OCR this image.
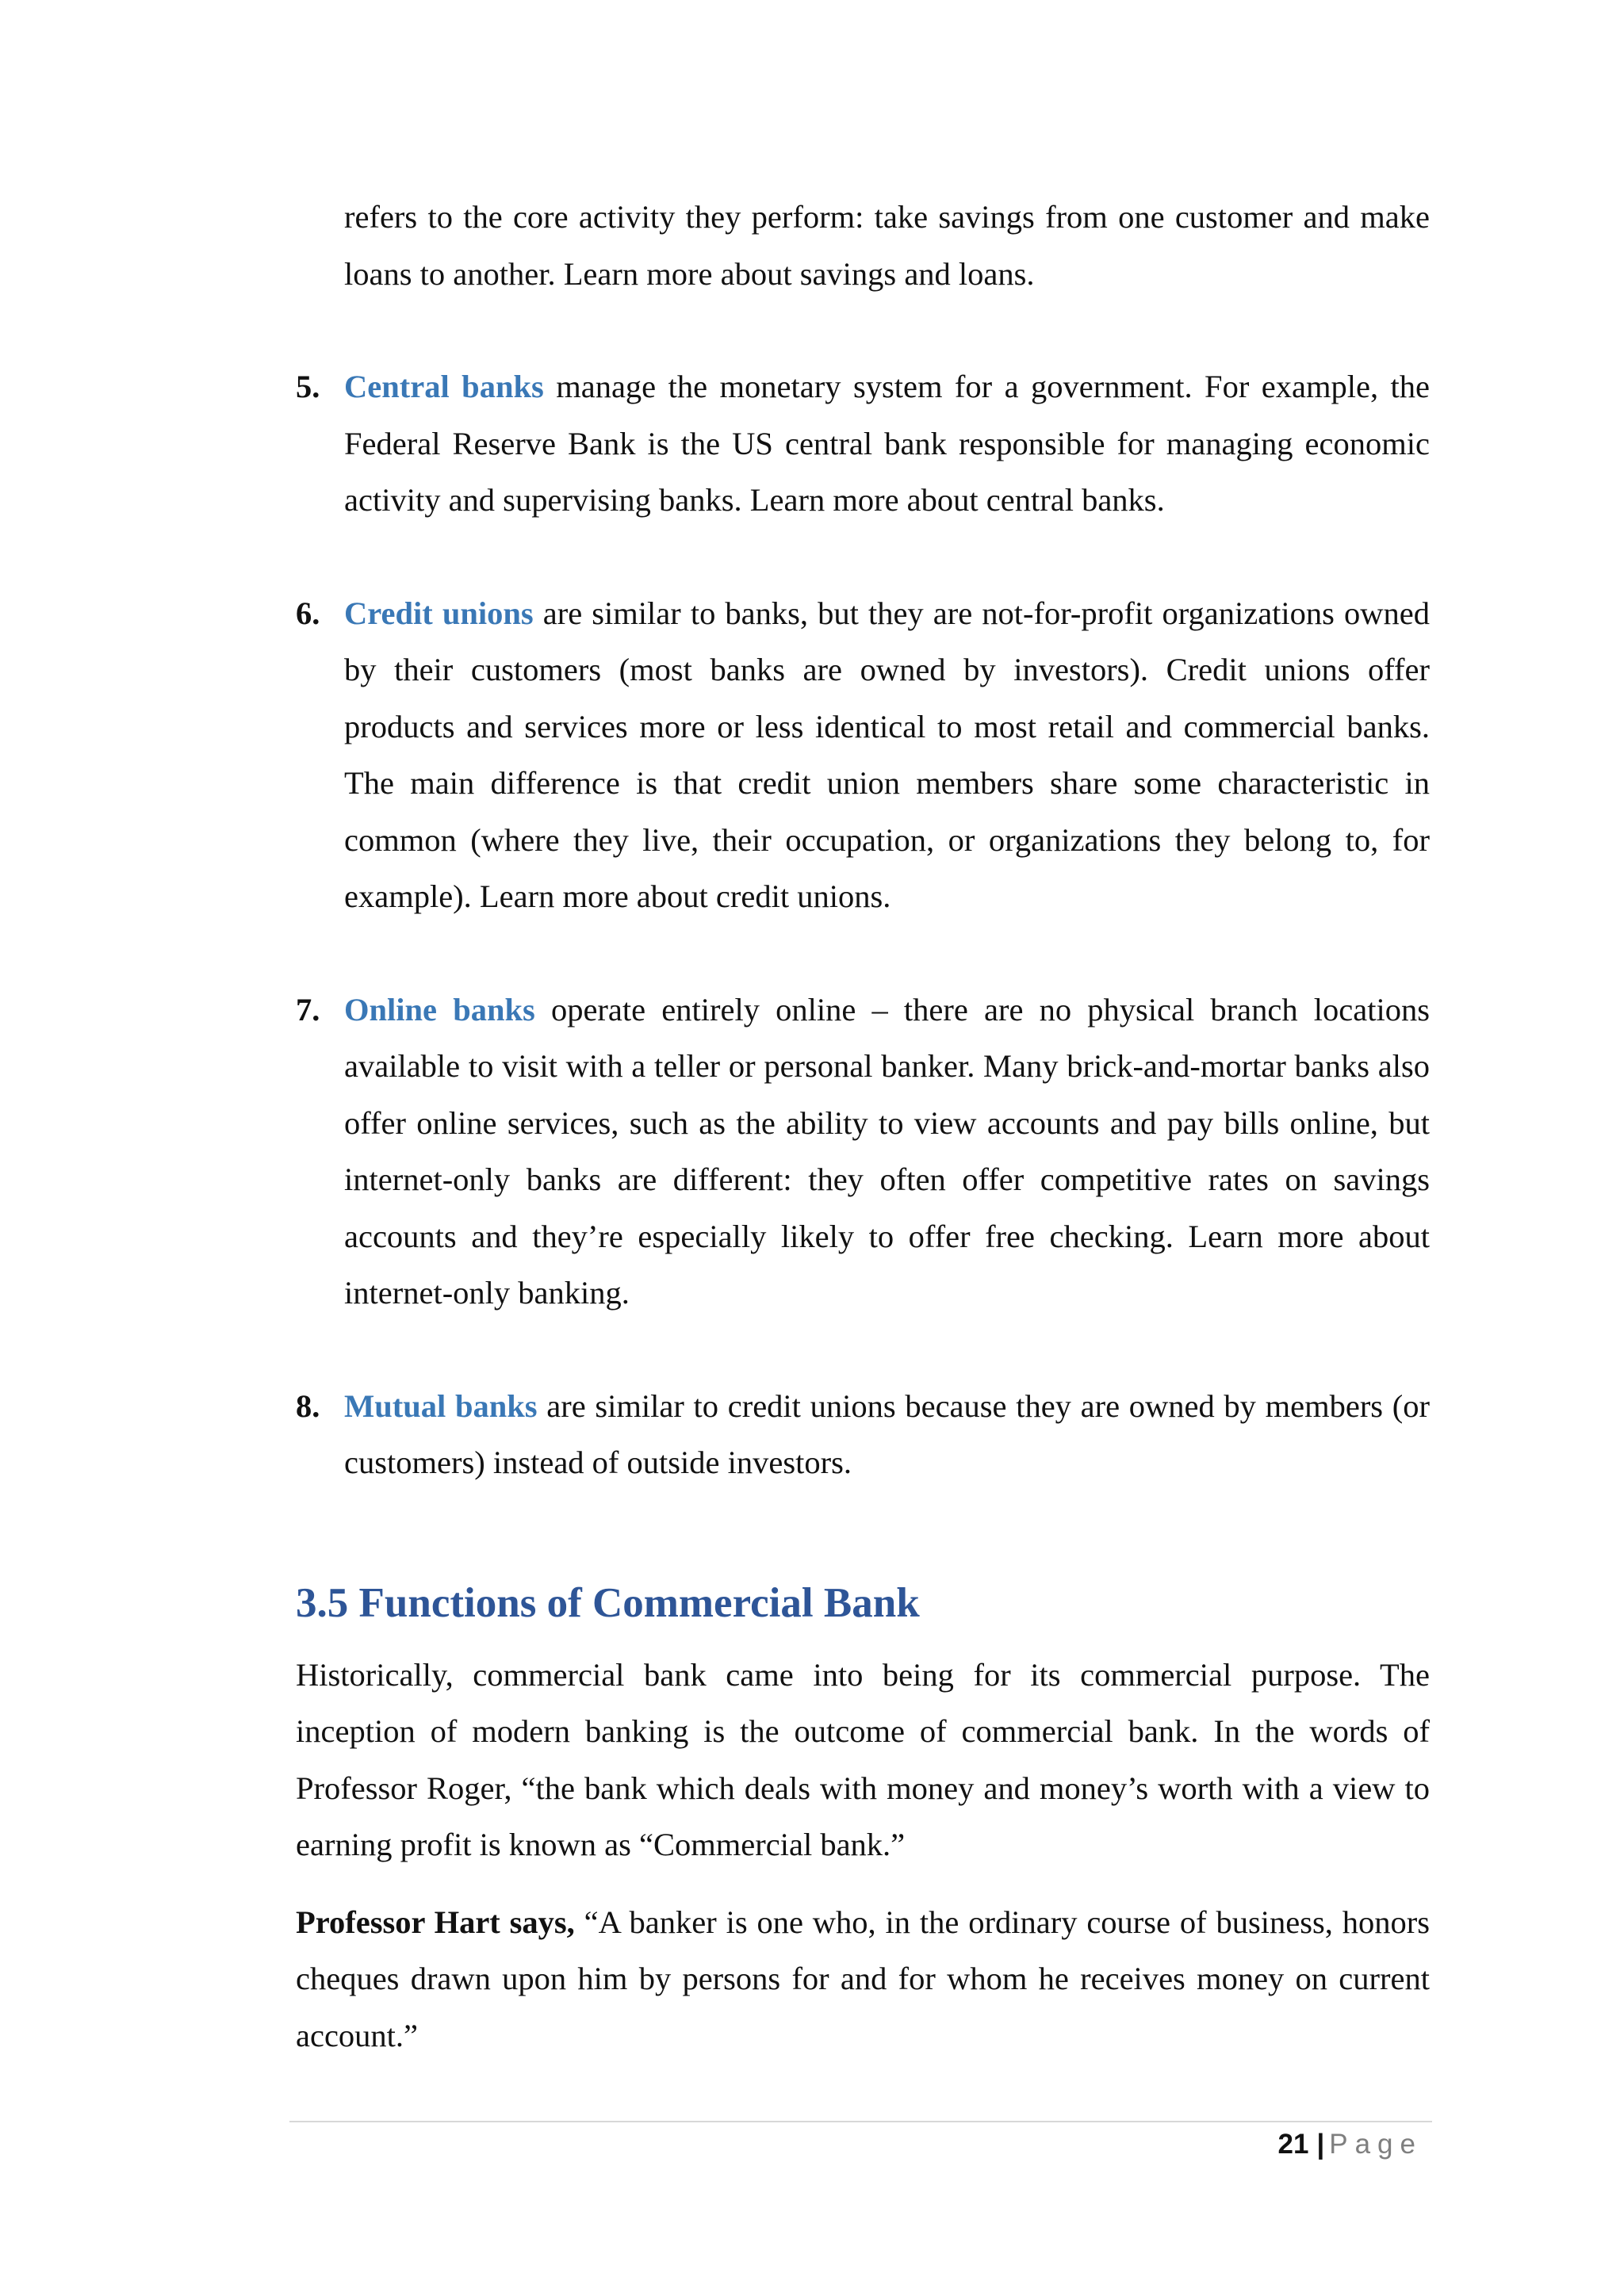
refers to the core activity they perform: take savings from one customer and make loans to another. Learn more about savings and loans.
5. Central banks manage the monetary system for a government. For example, the Federal Reserve Bank is the US central bank responsible for managing economic activity and supervising banks. Learn more about central banks.
6. Credit unions are similar to banks, but they are not-for-profit organizations owned by their customers (most banks are owned by investors). Credit unions offer products and services more or less identical to most retail and commercial banks. The main difference is that credit union members share some characteristic in common (where they live, their occupation, or organizations they belong to, for example). Learn more about credit unions.
7. Online banks operate entirely online – there are no physical branch locations available to visit with a teller or personal banker. Many brick-and-mortar banks also offer online services, such as the ability to view accounts and pay bills online, but internet-only banks are different: they often offer competitive rates on savings accounts and they’re especially likely to offer free checking. Learn more about internet-only banking.
8. Mutual banks are similar to credit unions because they are owned by members (or customers) instead of outside investors.
3.5 Functions of Commercial Bank
Historically, commercial bank came into being for its commercial purpose. The inception of modern banking is the outcome of commercial bank. In the words of Professor Roger, “the bank which deals with money and money’s worth with a view to earning profit is known as “Commercial bank.”
Professor Hart says, “A banker is one who, in the ordinary course of business, honors cheques drawn upon him by persons for and for whom he receives money on current account.”
21 | Page
